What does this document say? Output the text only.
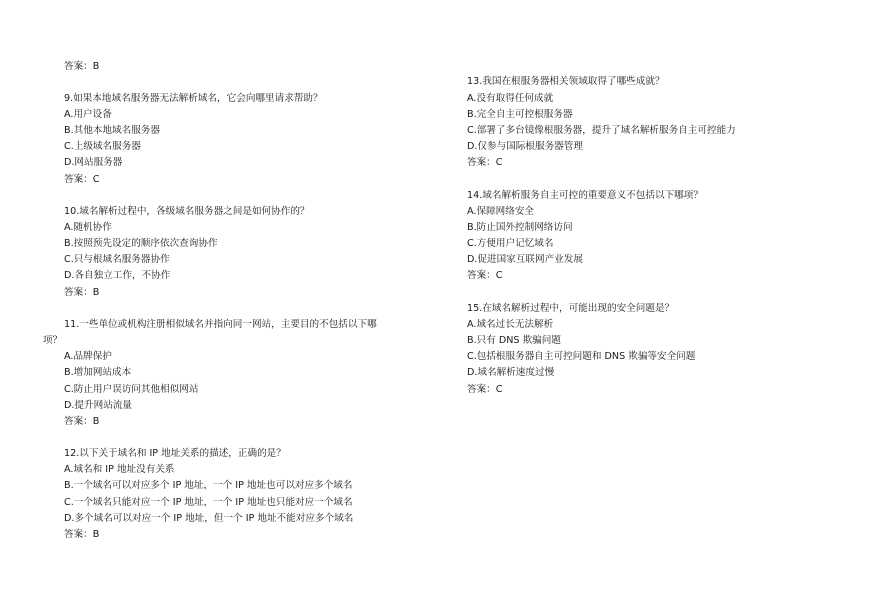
答案：B
9.如果本地域名服务器无法解析域名，它会向哪里请求帮助？
A.用户设备
B.其他本地域名服务器
C.上级域名服务器
D.网站服务器
答案：C
10.域名解析过程中，各级域名服务器之间是如何协作的？
A.随机协作
B.按照预先设定的顺序依次查询协作
C.只与根域名服务器协作
D.各自独立工作，不协作
答案：B
11.一些单位或机构注册相似域名并指向同一网站，主要目的不包括以下哪
项？
A.品牌保护
B.增加网站成本
C.防止用户误访问其他相似网站
D.提升网站流量
答案：B
12.以下关于域名和 IP 地址关系的描述，正确的是？
A.域名和 IP 地址没有关系
B.一个域名可以对应多个 IP 地址，一个 IP 地址也可以对应多个域名
C.一个域名只能对应一个 IP 地址，一个 IP 地址也只能对应一个域名
D.多个域名可以对应一个 IP 地址，但一个 IP 地址不能对应多个域名
答案：B
13.我国在根服务器相关领域取得了哪些成就？
A.没有取得任何成就
B.完全自主可控根服务器
C.部署了多台镜像根服务器，提升了域名解析服务自主可控能力
D.仅参与国际根服务器管理
答案：C
14.域名解析服务自主可控的重要意义不包括以下哪项？
A.保障网络安全
B.防止国外控制网络访问
C.方便用户记忆域名
D.促进国家互联网产业发展
答案：C
15.在域名解析过程中，可能出现的安全问题是？
A.域名过长无法解析
B.只有 DNS 欺骗问题
C.包括根服务器自主可控问题和 DNS 欺骗等安全问题
D.域名解析速度过慢
答案：C
